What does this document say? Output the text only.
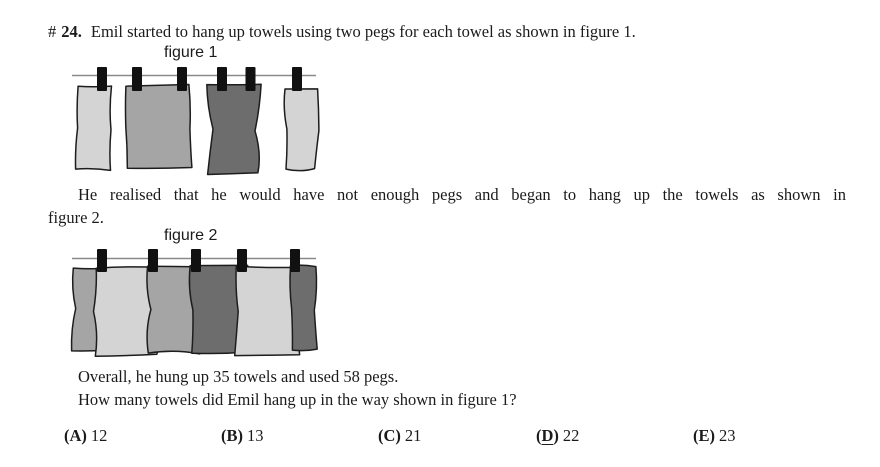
# 24. Emil started to hang up towels using two pegs for each towel as shown in figure 1.

figure 1

He realised that he would have not enough pegs and began to hang up the towels as shown in

figure 2.

figure 2

Overall, he hung up 35 towels and used 58 pegs.

How many towels did Emil hang up in the way shown in figure 1?

(A) 12	(B) 13	(C) 21	(D) 22	(E) 23
